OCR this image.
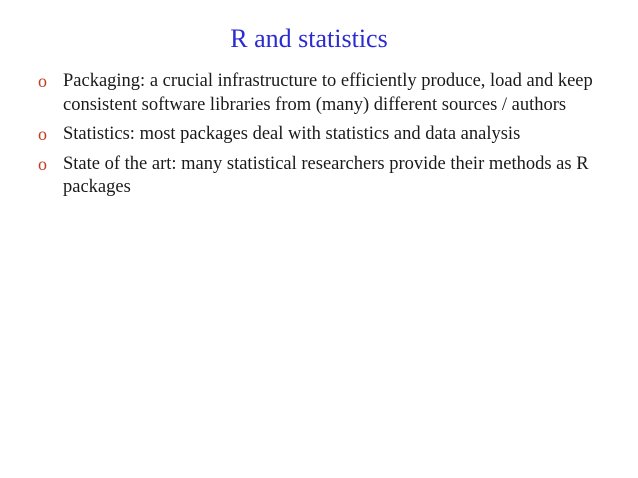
R and statistics
o Packaging: a crucial infrastructure to efficiently produce, load and keep consistent software libraries from (many) different sources / authors
o Statistics: most packages deal with statistics and data analysis
o State of the art: many statistical researchers provide their methods as R packages
